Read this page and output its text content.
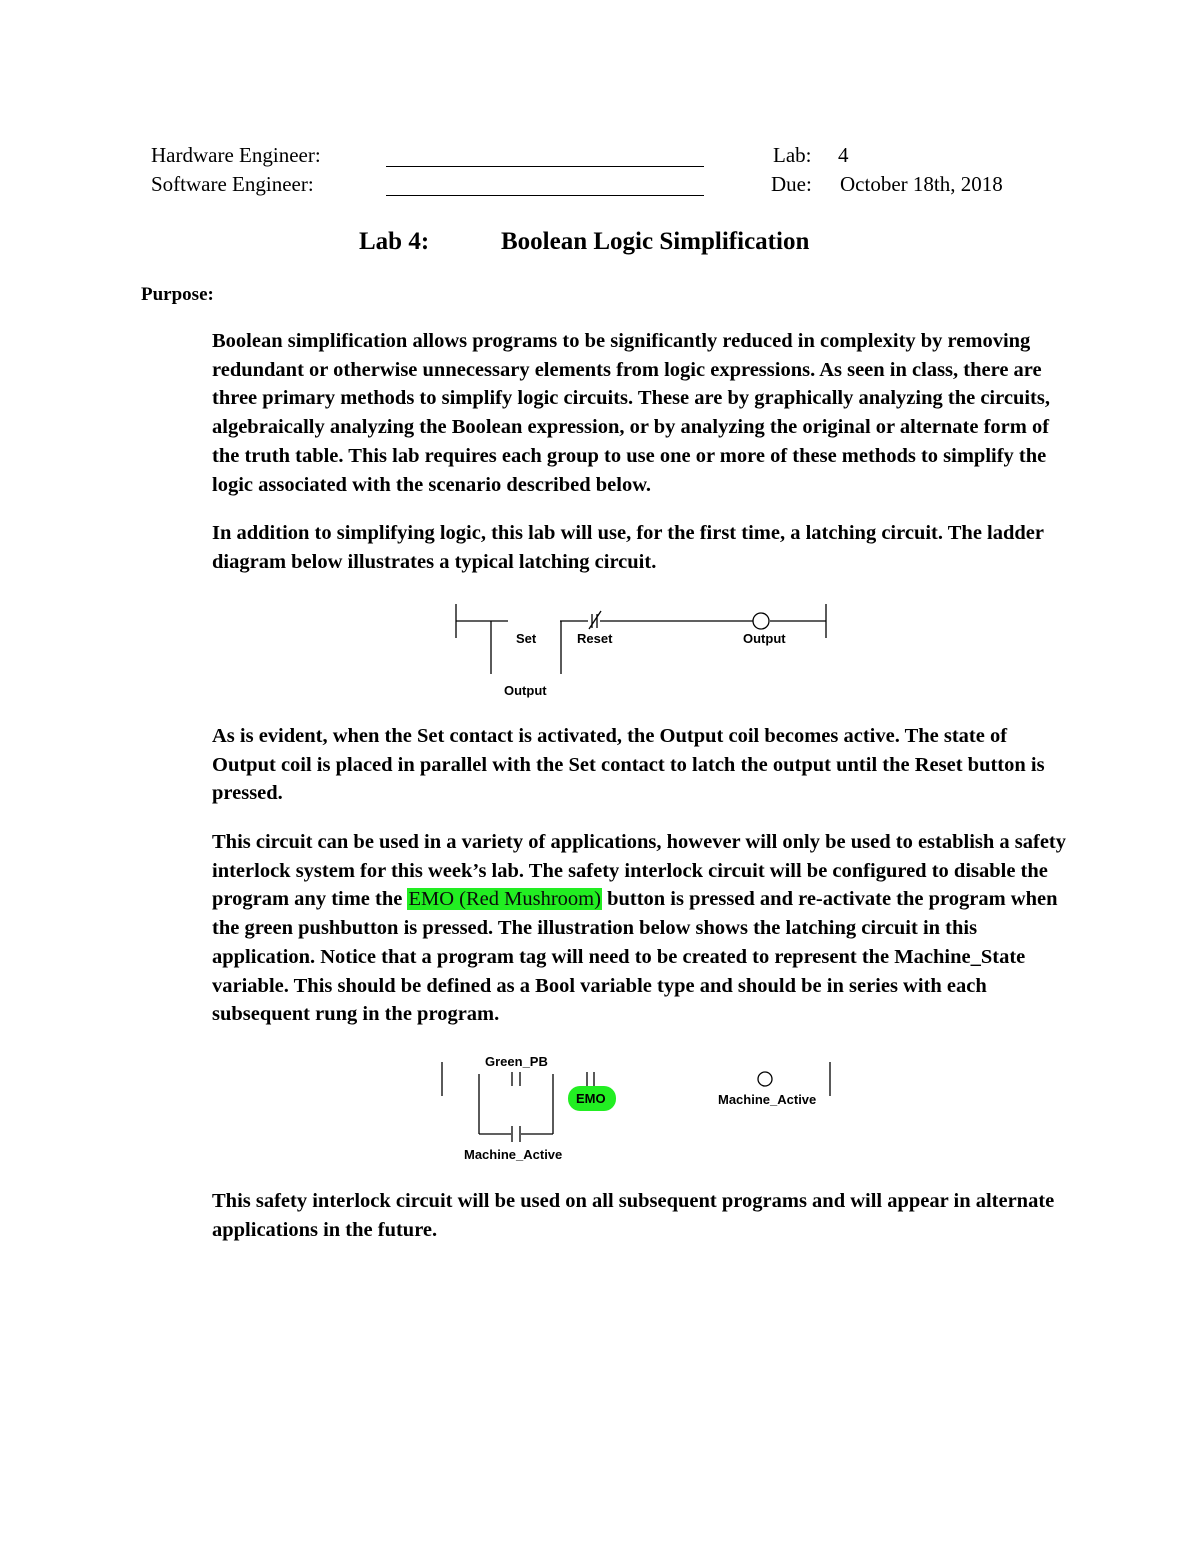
Hardware Engineer:
Software Engineer:
Lab: 4
Due: October 18th, 2018
Lab 4:	Boolean Logic Simplification
Purpose:

Boolean simplification allows programs to be significantly reduced in complexity by removing redundant or otherwise unnecessary elements from logic expressions. As seen in class, there are three primary methods to simplify logic circuits. These are by graphically analyzing the circuits, algebraically analyzing the Boolean expression, or by analyzing the original or alternate form of the truth table. This lab requires each group to use one or more of these methods to simplify the logic associated with the scenario described below.

In addition to simplifying logic, this lab will use, for the first time, a latching circuit. The ladder diagram below illustrates a typical latching circuit.

Set	Reset	Output
Output

As is evident, when the Set contact is activated, the Output coil becomes active. The state of Output coil is placed in parallel with the Set contact to latch the output until the Reset button is pressed.

This circuit can be used in a variety of applications, however will only be used to establish a safety interlock system for this week’s lab. The safety interlock circuit will be configured to disable the program any time the EMO (Red Mushroom) button is pressed and re-activate the program when the green pushbutton is pressed. The illustration below shows the latching circuit in this application. Notice that a program tag will need to be created to represent the Machine_State variable. This should be defined as a Bool variable type and should be in series with each subsequent rung in the program.

Green_PB
EMO	Machine_Active
Machine_Active

This safety interlock circuit will be used on all subsequent programs and will appear in alternate applications in the future.
